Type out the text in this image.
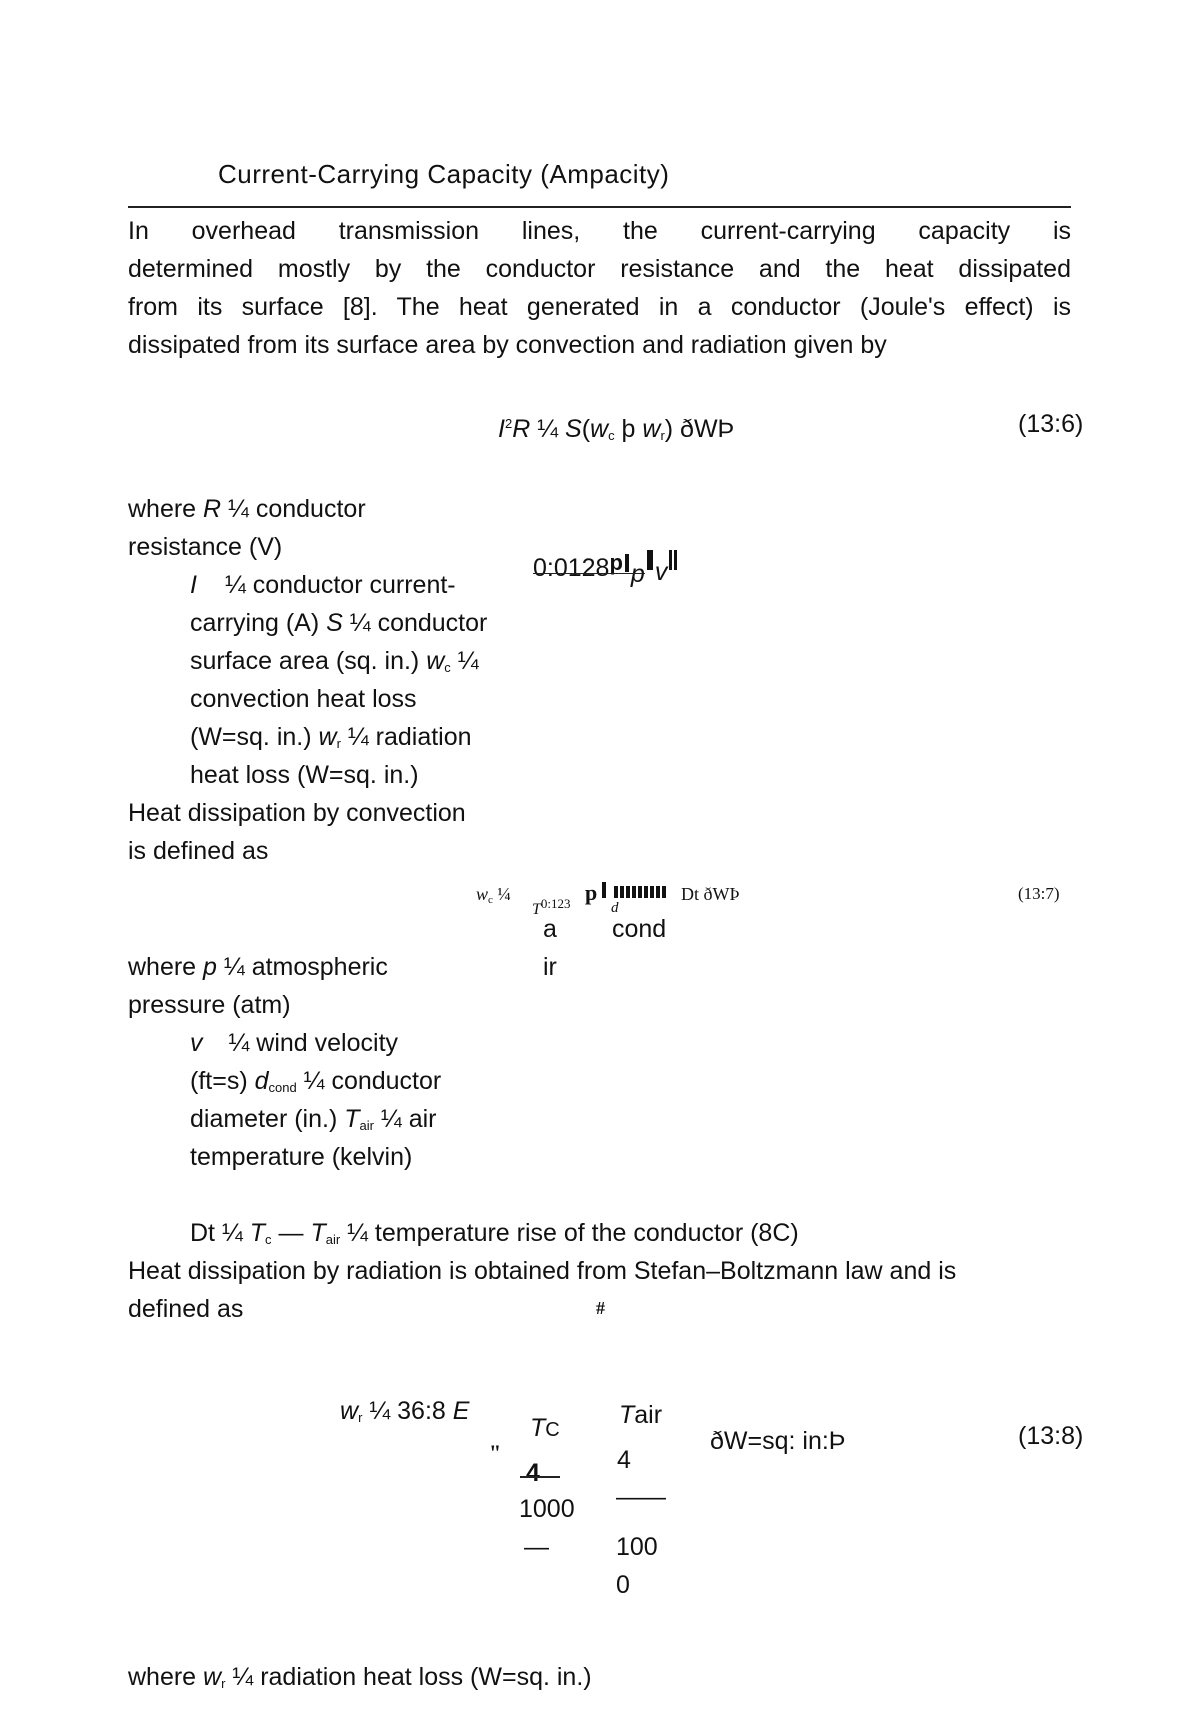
Current-Carrying Capacity (Ampacity)
In overhead transmission lines, the current-carrying capacity is
determined mostly by the conductor resistance and the heat dissipated
from its surface [8]. The heat generated in a conductor (Joule's effect) is
dissipated from its surface area by convection and radiation given by
$I^2R$ ¼ $S(w_c$ þ $w_r$) ðWÞ	(13:6)
where R ¼ conductor
resistance (V)
I ¼ conductor current-
carrying (A) S ¼ conductor
surface area (sq. in.) $w_c$ ¼
convection heat loss
(W=sq. in.) $w_r$ ¼ radiation
heat loss (W=sq. in.)
0:0128p p v
Heat dissipation by convection
is defined as
$w_c$ ¼
$T^{0:123}$ p
d
Dt ðWÞ	(13:7)
a cond
ir
where p ¼ atmospheric
pressure (atm)
v ¼ wind velocity
(ft=s) $d_{cond}$ ¼ conductor
diameter (in.) $T_{air}$ ¼ air
temperature (kelvin)
Dt ¼ $T_c$ — $T_{air}$ ¼ temperature rise of the conductor (8C)
Heat dissipation by radiation is obtained from Stefan–Boltzmann law and is
defined as	#
$w_r$ ¼ 36:8 E
TC
Tair
"
4	4
1000 ——
—	100
0
ðW=sq: in:Þ	(13:8)
where $w_r$ ¼ radiation heat loss (W=sq. in.)
